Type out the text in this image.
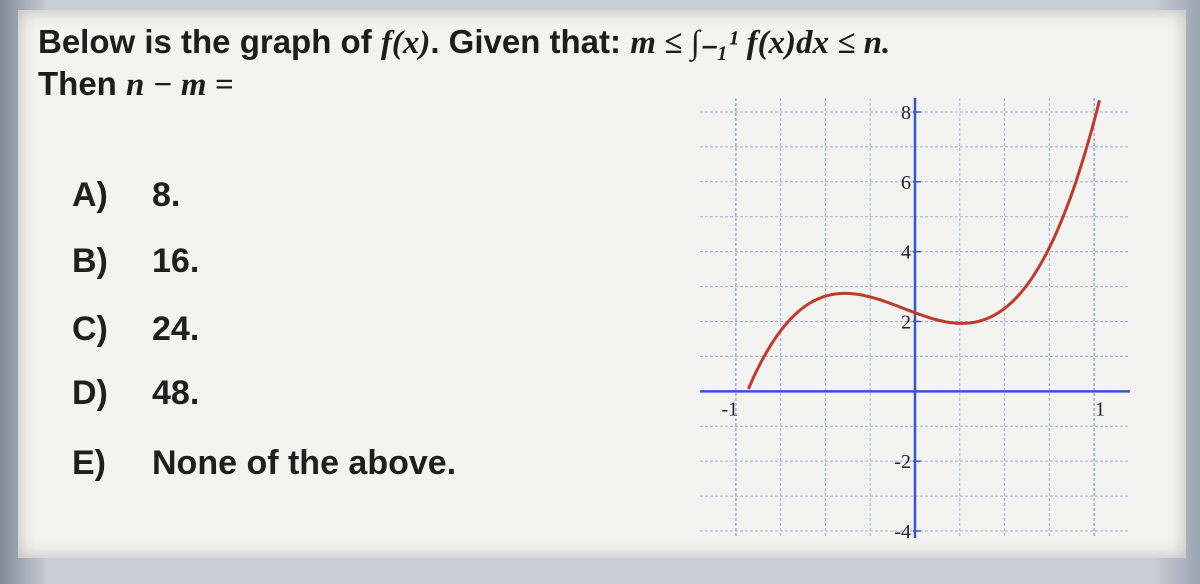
Below is the graph of f(x). Given that: m ≤ ∫₋₁¹ f(x)dx ≤ n.
Then n − m =
A) 8.
B) 16.
C) 24.
D) 48.
E) None of the above.
8
6
4
2
-2
-4
-1	1
